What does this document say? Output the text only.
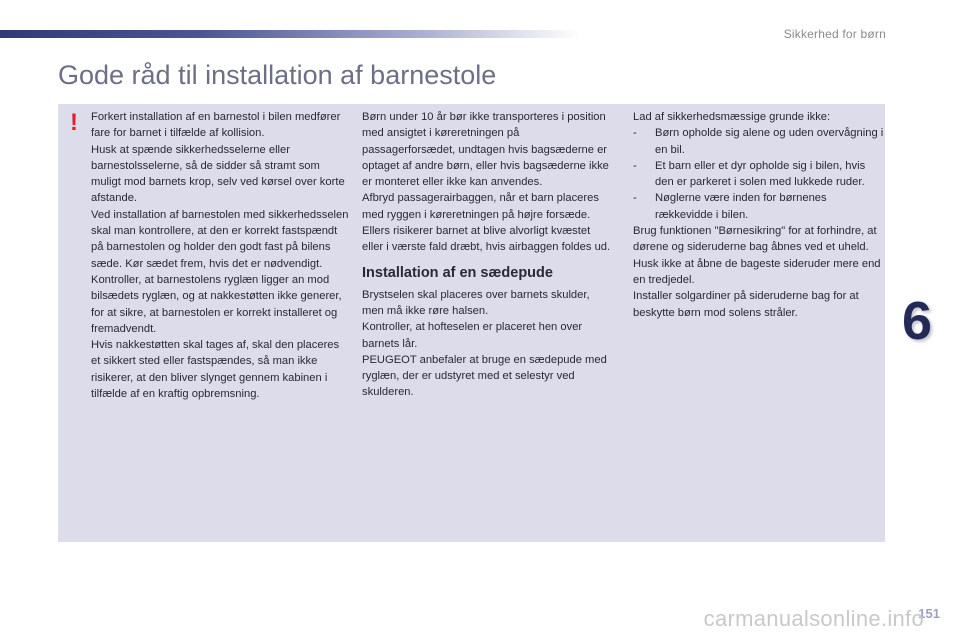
Sikkerhed for børn
Gode råd til installation af barnestole
! Forkert installation af en barnestol i bilen medfører fare for barnet i tilfælde af kollision.

Husk at spænde sikkerhedsselerne eller barnestolsselerne, så de sidder så stramt som muligt mod barnets krop, selv ved kørsel over korte afstande.

Ved installation af barnestolen med sikkerhedsselen skal man kontrollere, at den er korrekt fastspændt på barnestolen og holder den godt fast på bilens sæde. Kør sædet frem, hvis det er nødvendigt.

Kontroller, at barnestolens ryglæn ligger an mod bilsædets ryglæn, og at nakkestøtten ikke generer, for at sikre, at barnestolen er korrekt installeret og fremadvendt.

Hvis nakkestøtten skal tages af, skal den placeres et sikkert sted eller fastspændes, så man ikke risikerer, at den bliver slynget gennem kabinen i tilfælde af en kraftig opbremsning.

Børn under 10 år bør ikke transporteres i position med ansigtet i køreretningen på passagerforsædet, undtagen hvis bagsæderne er optaget af andre børn, eller hvis bagsæderne ikke er monteret eller ikke kan anvendes.

Afbryd passagerairbaggen, når et barn placeres med ryggen i køreretningen på højre forsæde.

Ellers risikerer barnet at blive alvorligt kvæstet eller i værste fald dræbt, hvis airbaggen foldes ud.

Installation af en sædepude

Brystselen skal placeres over barnets skulder, men må ikke røre halsen.

Kontroller, at hofteselen er placeret hen over barnets lår.

PEUGEOT anbefaler at bruge en sædepude med ryglæn, der er udstyret med et selestyr ved skulderen.

Lad af sikkerhedsmæssige grunde ikke:

- Børn opholde sig alene og uden overvågning i en bil.
- Et barn eller et dyr opholde sig i bilen, hvis den er parkeret i solen med lukkede ruder.
- Nøglerne være inden for børnenes rækkevidde i bilen.

Brug funktionen "Børnesikring" for at forhindre, at dørene og sideruderne bag åbnes ved et uheld.

Husk ikke at åbne de bageste sideruder mere end en tredjedel.

Installer solgardiner på sideruderne bag for at beskytte børn mod solens stråler.	6
151
carmanualsonline.info
